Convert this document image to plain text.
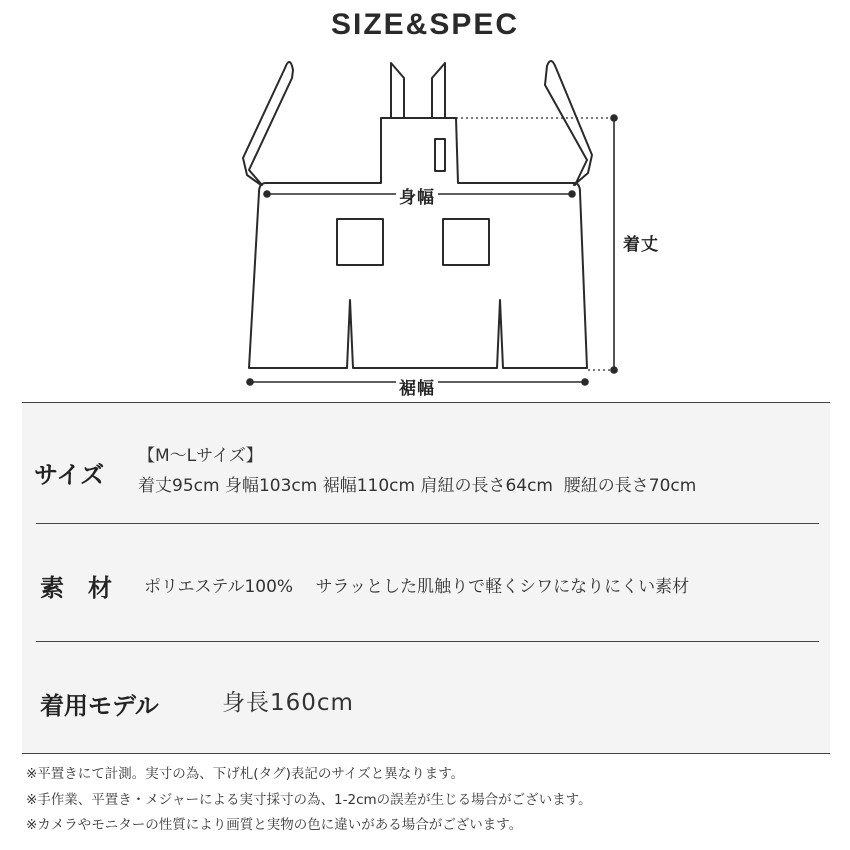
SIZE&SPEC
身幅
着丈
裾幅
サイズ
【M〜Lサイズ】
着丈95cm 身幅103cm 裾幅110cm 肩紐の長さ64cm  腰紐の長さ70cm
素　材 ポリエステル100%　 サラッとした肌触りで軽くシワになりにくい素材
着用モデル	身長160cm
※平置きにて計測。実寸の為、下げ札(タグ)表記のサイズと異なります。
※手作業、平置き・メジャーによる実寸採寸の為、1-2cmの誤差が生じる場合がございます。
※カメラやモニターの性質により画質と実物の色に違いがある場合がございます。
